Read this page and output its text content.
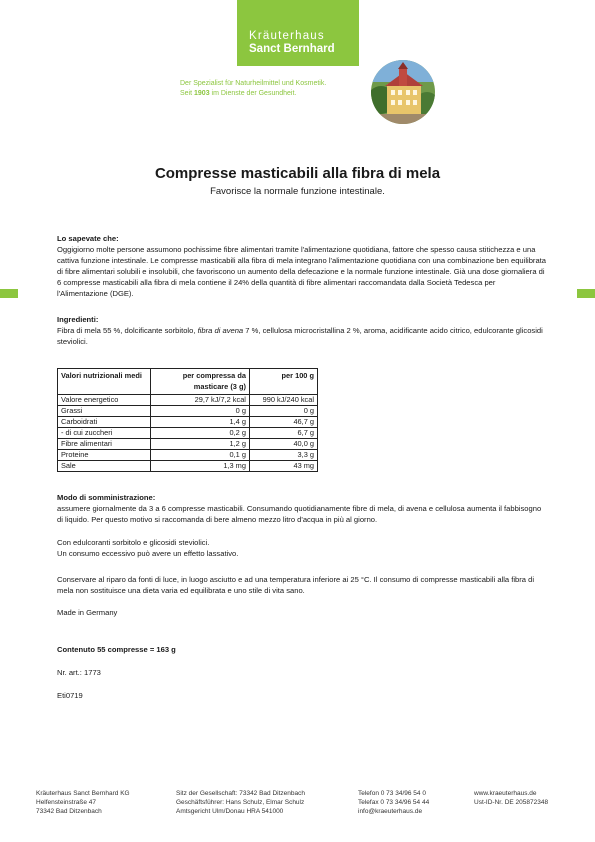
Kräuterhaus
Sanct Bernhard
Der Spezialist für Naturheilmittel und Kosmetik.
Seit 1903 im Dienste der Gesundheit.
Compresse masticabili alla fibra di mela
Favorisce la normale funzione intestinale.
Lo sapevate che:
Oggigiorno molte persone assumono pochissime fibre alimentari tramite l'alimentazione quotidiana, fattore che spesso causa stitichezza e una cattiva funzione intestinale. Le compresse masticabili alla fibra di mela integrano l'alimentazione quotidiana con una combinazione ben equilibrata di fibre alimentari solubili e insolubili, che favoriscono un aumento della defecazione e la normale funzione intestinale. Già una dose giornaliera di 6 compresse masticabili alla fibra di mela contiene il 24% della quantità di fibre alimentari raccomandata dalla Società Tedesca per l'Alimentazione (DGE).
Ingredienti:
Fibra di mela 55 %, dolcificante sorbitolo, fibra di avena 7 %, cellulosa microcristallina 2 %, aroma, acidificante acido citrico, edulcorante glicosidi steviolici.
Valori nutrizionali medi	per compressa da masticare (3 g)	per 100 g
Valore energetico	29,7 kJ/7,2 kcal	990 kJ/240 kcal
Grassi	0 g	0 g
Carboidrati	1,4 g	46,7 g
- di cui zuccheri	0,2 g	6,7 g
Fibre alimentari	1,2 g	40,0 g
Proteine	0,1 g	3,3 g
Sale	1,3 mg	43 mg
Modo di somministrazione:
assumere giornalmente da 3 a 6 compresse masticabili. Consumando quotidianamente fibre di mela, di avena e cellulosa aumenta il fabbisogno di liquido. Per questo motivo si raccomanda di bere almeno mezzo litro d'acqua in più al giorno.
Con edulcoranti sorbitolo e glicosidi steviolici.
Un consumo eccessivo può avere un effetto lassativo.
Conservare al riparo da fonti di luce, in luogo asciutto e ad una temperatura inferiore ai 25 °C. Il consumo di compresse masticabili alla fibra di mela non sostituisce una dieta varia ed equilibrata e uno stile di vita sano.
Made in Germany
Contenuto 55 compresse = 163 g
Nr. art.: 1773
Eti0719
Kräuterhaus Sanct Bernhard KG
Helfensteinstraße 47
73342 Bad Ditzenbach
Sitz der Gesellschaft: 73342 Bad Ditzenbach
Geschäftsführer: Hans Schulz, Elmar Schulz
Amtsgericht Ulm/Donau HRA 541000
Telefon 0 73 34/96 54 0
Telefax 0 73 34/96 54 44
info@kraeuterhaus.de
www.kraeuterhaus.de
Ust-ID-Nr. DE 205872348
